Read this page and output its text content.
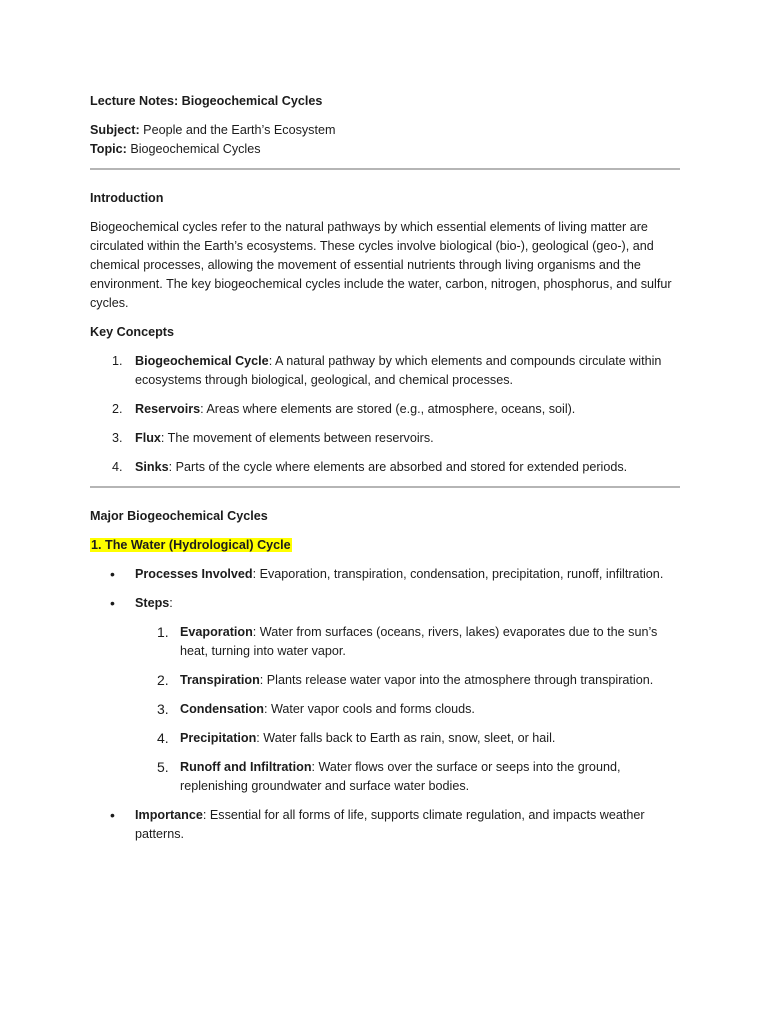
Lecture Notes: Biogeochemical Cycles

Subject: People and the Earth’s Ecosystem

Topic: Biogeochemical Cycles

Introduction

Biogeochemical cycles refer to the natural pathways by which essential elements of living matter are circulated within the Earth’s ecosystems. These cycles involve biological (bio-), geological (geo-), and chemical processes, allowing the movement of essential nutrients through living organisms and the environment. The key biogeochemical cycles include the water, carbon, nitrogen, phosphorus, and sulfur cycles.

Key Concepts

1. Biogeochemical Cycle: A natural pathway by which elements and compounds circulate within ecosystems through biological, geological, and chemical processes.
2. Reservoirs: Areas where elements are stored (e.g., atmosphere, oceans, soil).
3. Flux: The movement of elements between reservoirs.
4. Sinks: Parts of the cycle where elements are absorbed and stored for extended periods.

Major Biogeochemical Cycles

1. The Water (Hydrological) Cycle

• Processes Involved: Evaporation, transpiration, condensation, precipitation, runoff, infiltration.
• Steps:
1. Evaporation: Water from surfaces (oceans, rivers, lakes) evaporates due to the sun’s heat, turning into water vapor.
2. Transpiration: Plants release water vapor into the atmosphere through transpiration.
3. Condensation: Water vapor cools and forms clouds.
4. Precipitation: Water falls back to Earth as rain, snow, sleet, or hail.
5. Runoff and Infiltration: Water flows over the surface or seeps into the ground, replenishing groundwater and surface water bodies.
• Importance: Essential for all forms of life, supports climate regulation, and impacts weather patterns.
